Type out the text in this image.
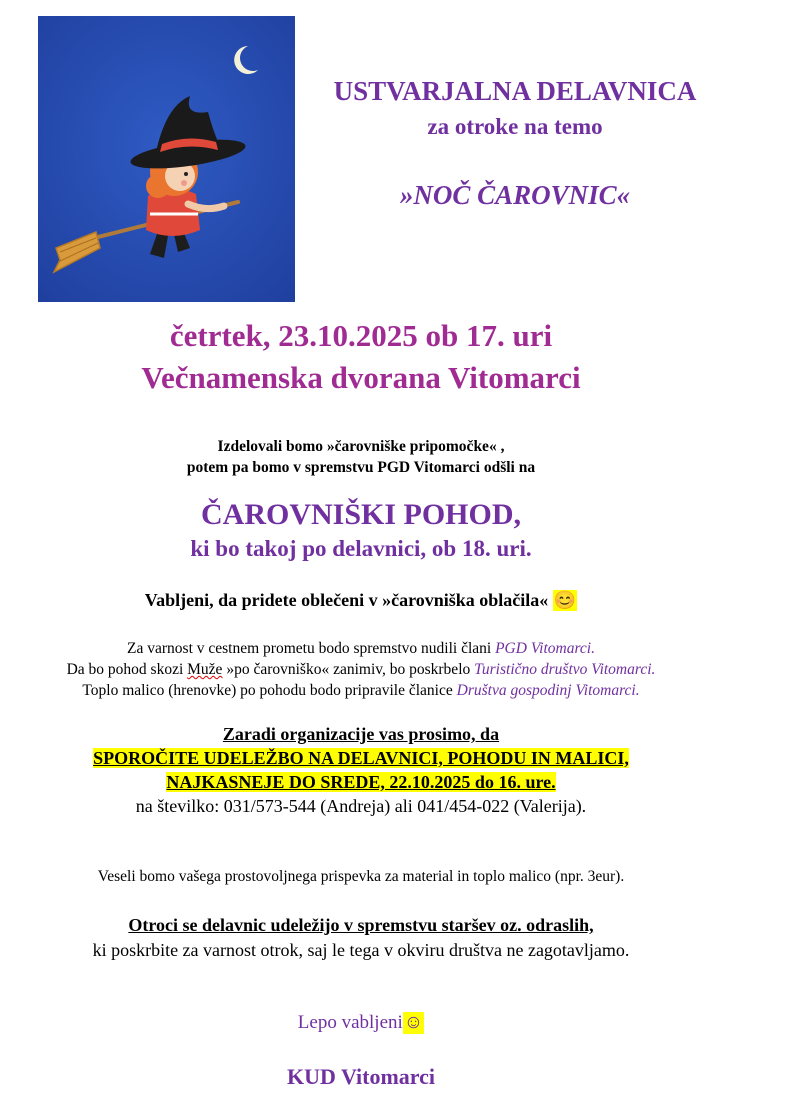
USTVARJALNA DELAVNICA
za otroke na temo
»NOČ ČAROVNIC«
četrtek, 23.10.2025 ob 17. uri
Večnamenska dvorana Vitomarci
Izdelovali bomo »čarovniške pripomočke« ,
potem pa bomo v spremstvu PGD Vitomarci odšli na
ČAROVNIŠKI POHOD,
ki bo takoj po delavnici, ob 18. uri.
Vabljeni, da pridete oblečeni v »čarovniška oblačila« 😊
Za varnost v cestnem prometu bodo spremstvo nudili člani PGD Vitomarci.
Da bo pohod skozi Muže »po čarovniško« zanimiv, bo poskrbelo Turistično društvo Vitomarci.
Toplo malico (hrenovke) po pohodu bodo pripravile članice Društva gospodinj Vitomarci.
Zaradi organizacije vas prosimo, da
SPOROČITE UDELEŽBO NA DELAVNICI, POHODU IN MALICI,
NAJKASNEJE DO SREDE, 22.10.2025 do 16. ure.
na številko: 031/573-544 (Andreja) ali 041/454-022 (Valerija).
Veseli bomo vašega prostovoljnega prispevka za material in toplo malico (npr. 3eur).
Otroci se delavnic udeležijo v spremstvu staršev oz. odraslih,
ki poskrbite za varnost otrok, saj le tega v okviru društva ne zagotavljamo.
Lepo vabljeni☺
KUD Vitomarci
